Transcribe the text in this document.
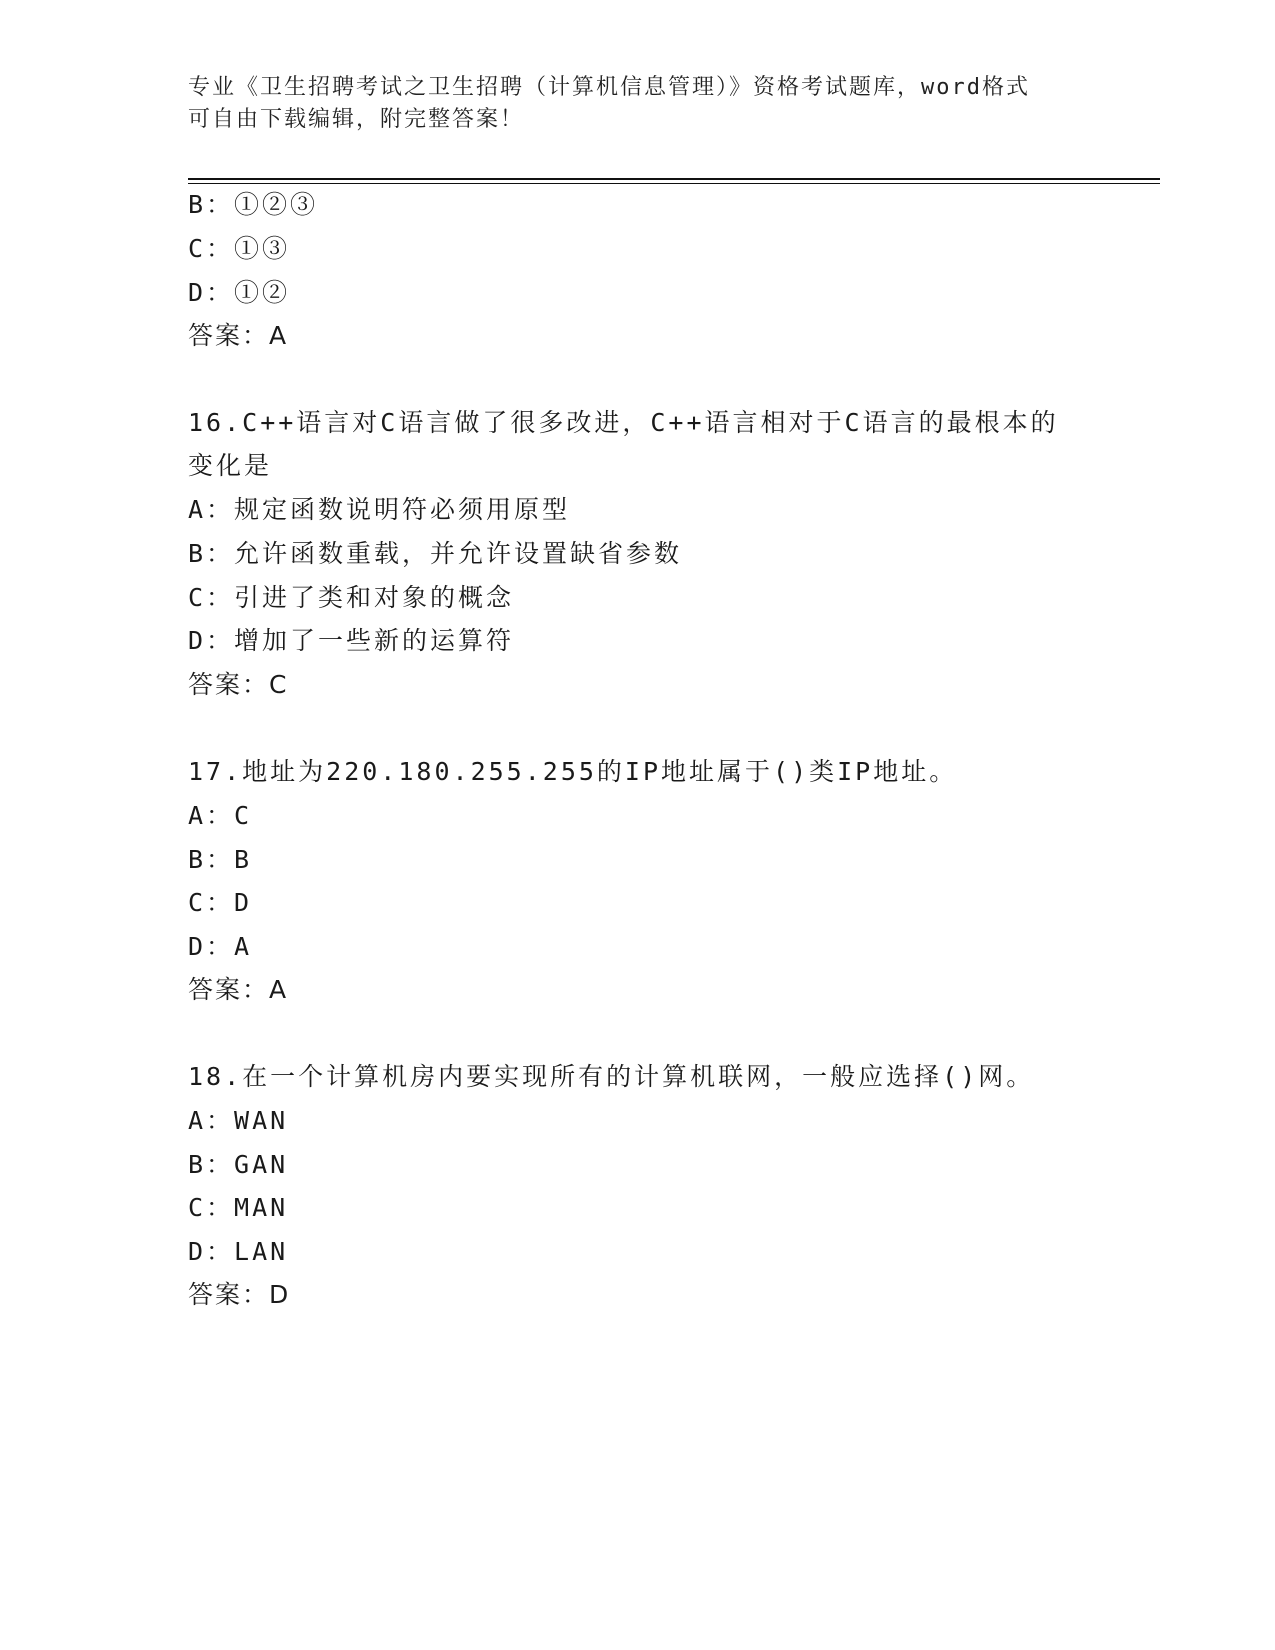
专业《卫生招聘考试之卫生招聘（计算机信息管理）》资格考试题库，word格式
可自由下载编辑，附完整答案！
B：①②③
C：①③
D：①②
答案：A
16.C++语言对C语言做了很多改进，C++语言相对于C语言的最根本的
变化是
A：规定函数说明符必须用原型
B：允许函数重载，并允许设置缺省参数
C：引进了类和对象的概念
D：增加了一些新的运算符
答案：C
17.地址为220.180.255.255的IP地址属于()类IP地址。
A：C
B：B
C：D
D：A
答案：A
18.在一个计算机房内要实现所有的计算机联网，一般应选择()网。
A：WAN
B：GAN
C：MAN
D：LAN
答案：D
